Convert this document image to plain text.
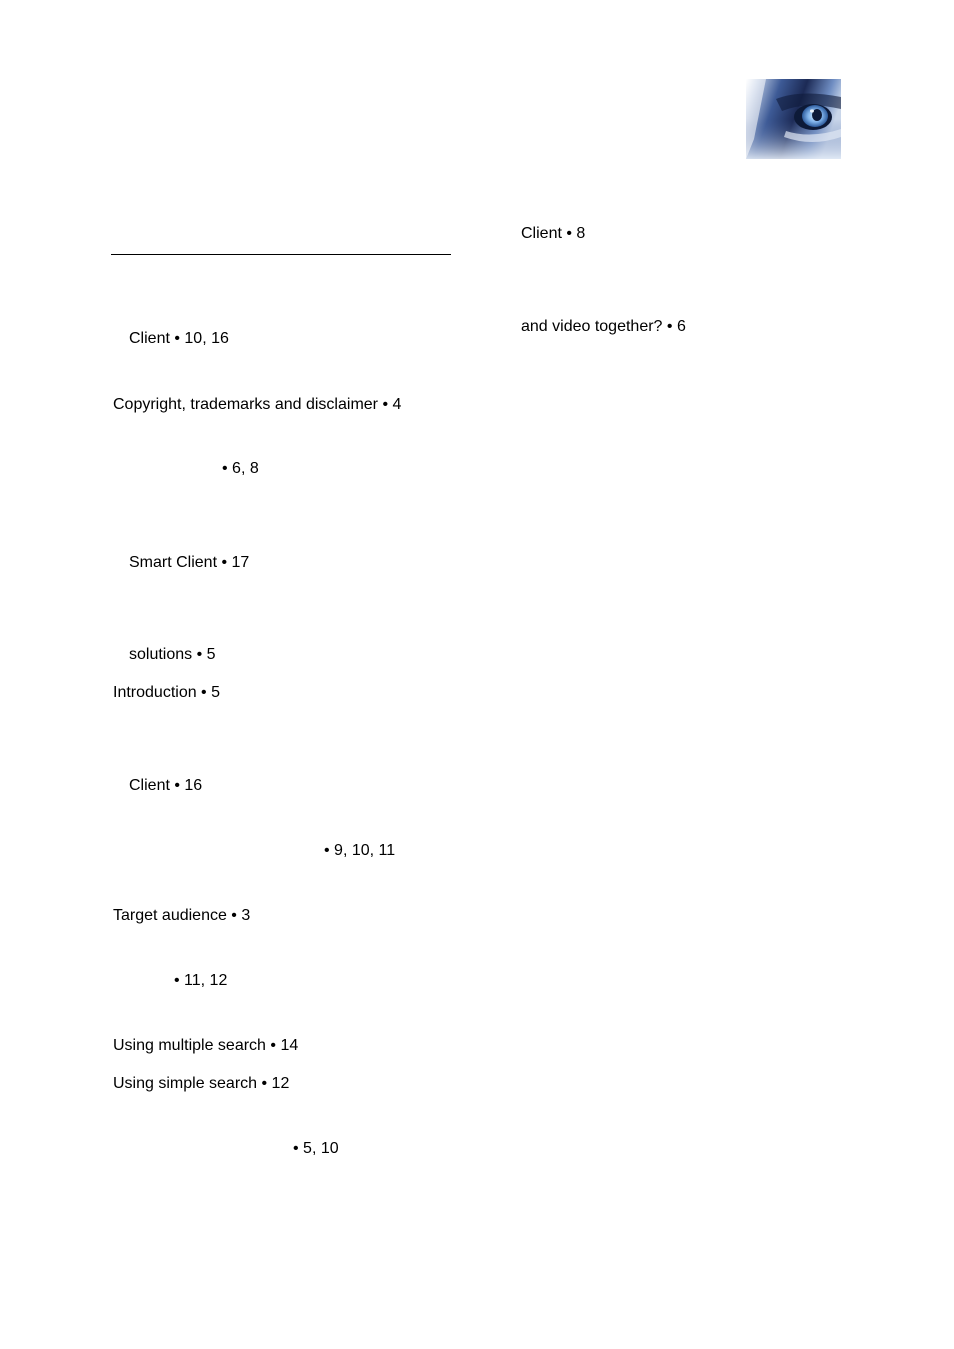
Client • 10, 16

Copyright, trademarks and disclaimer • 4

• 6, 8

Smart Client • 17

solutions • 5

Introduction • 5

Client • 16

• 9, 10, 11

Target audience • 3

• 11, 12

Using multiple search • 14

Using simple search • 12

• 5, 10

Client • 8

and video together? • 6
